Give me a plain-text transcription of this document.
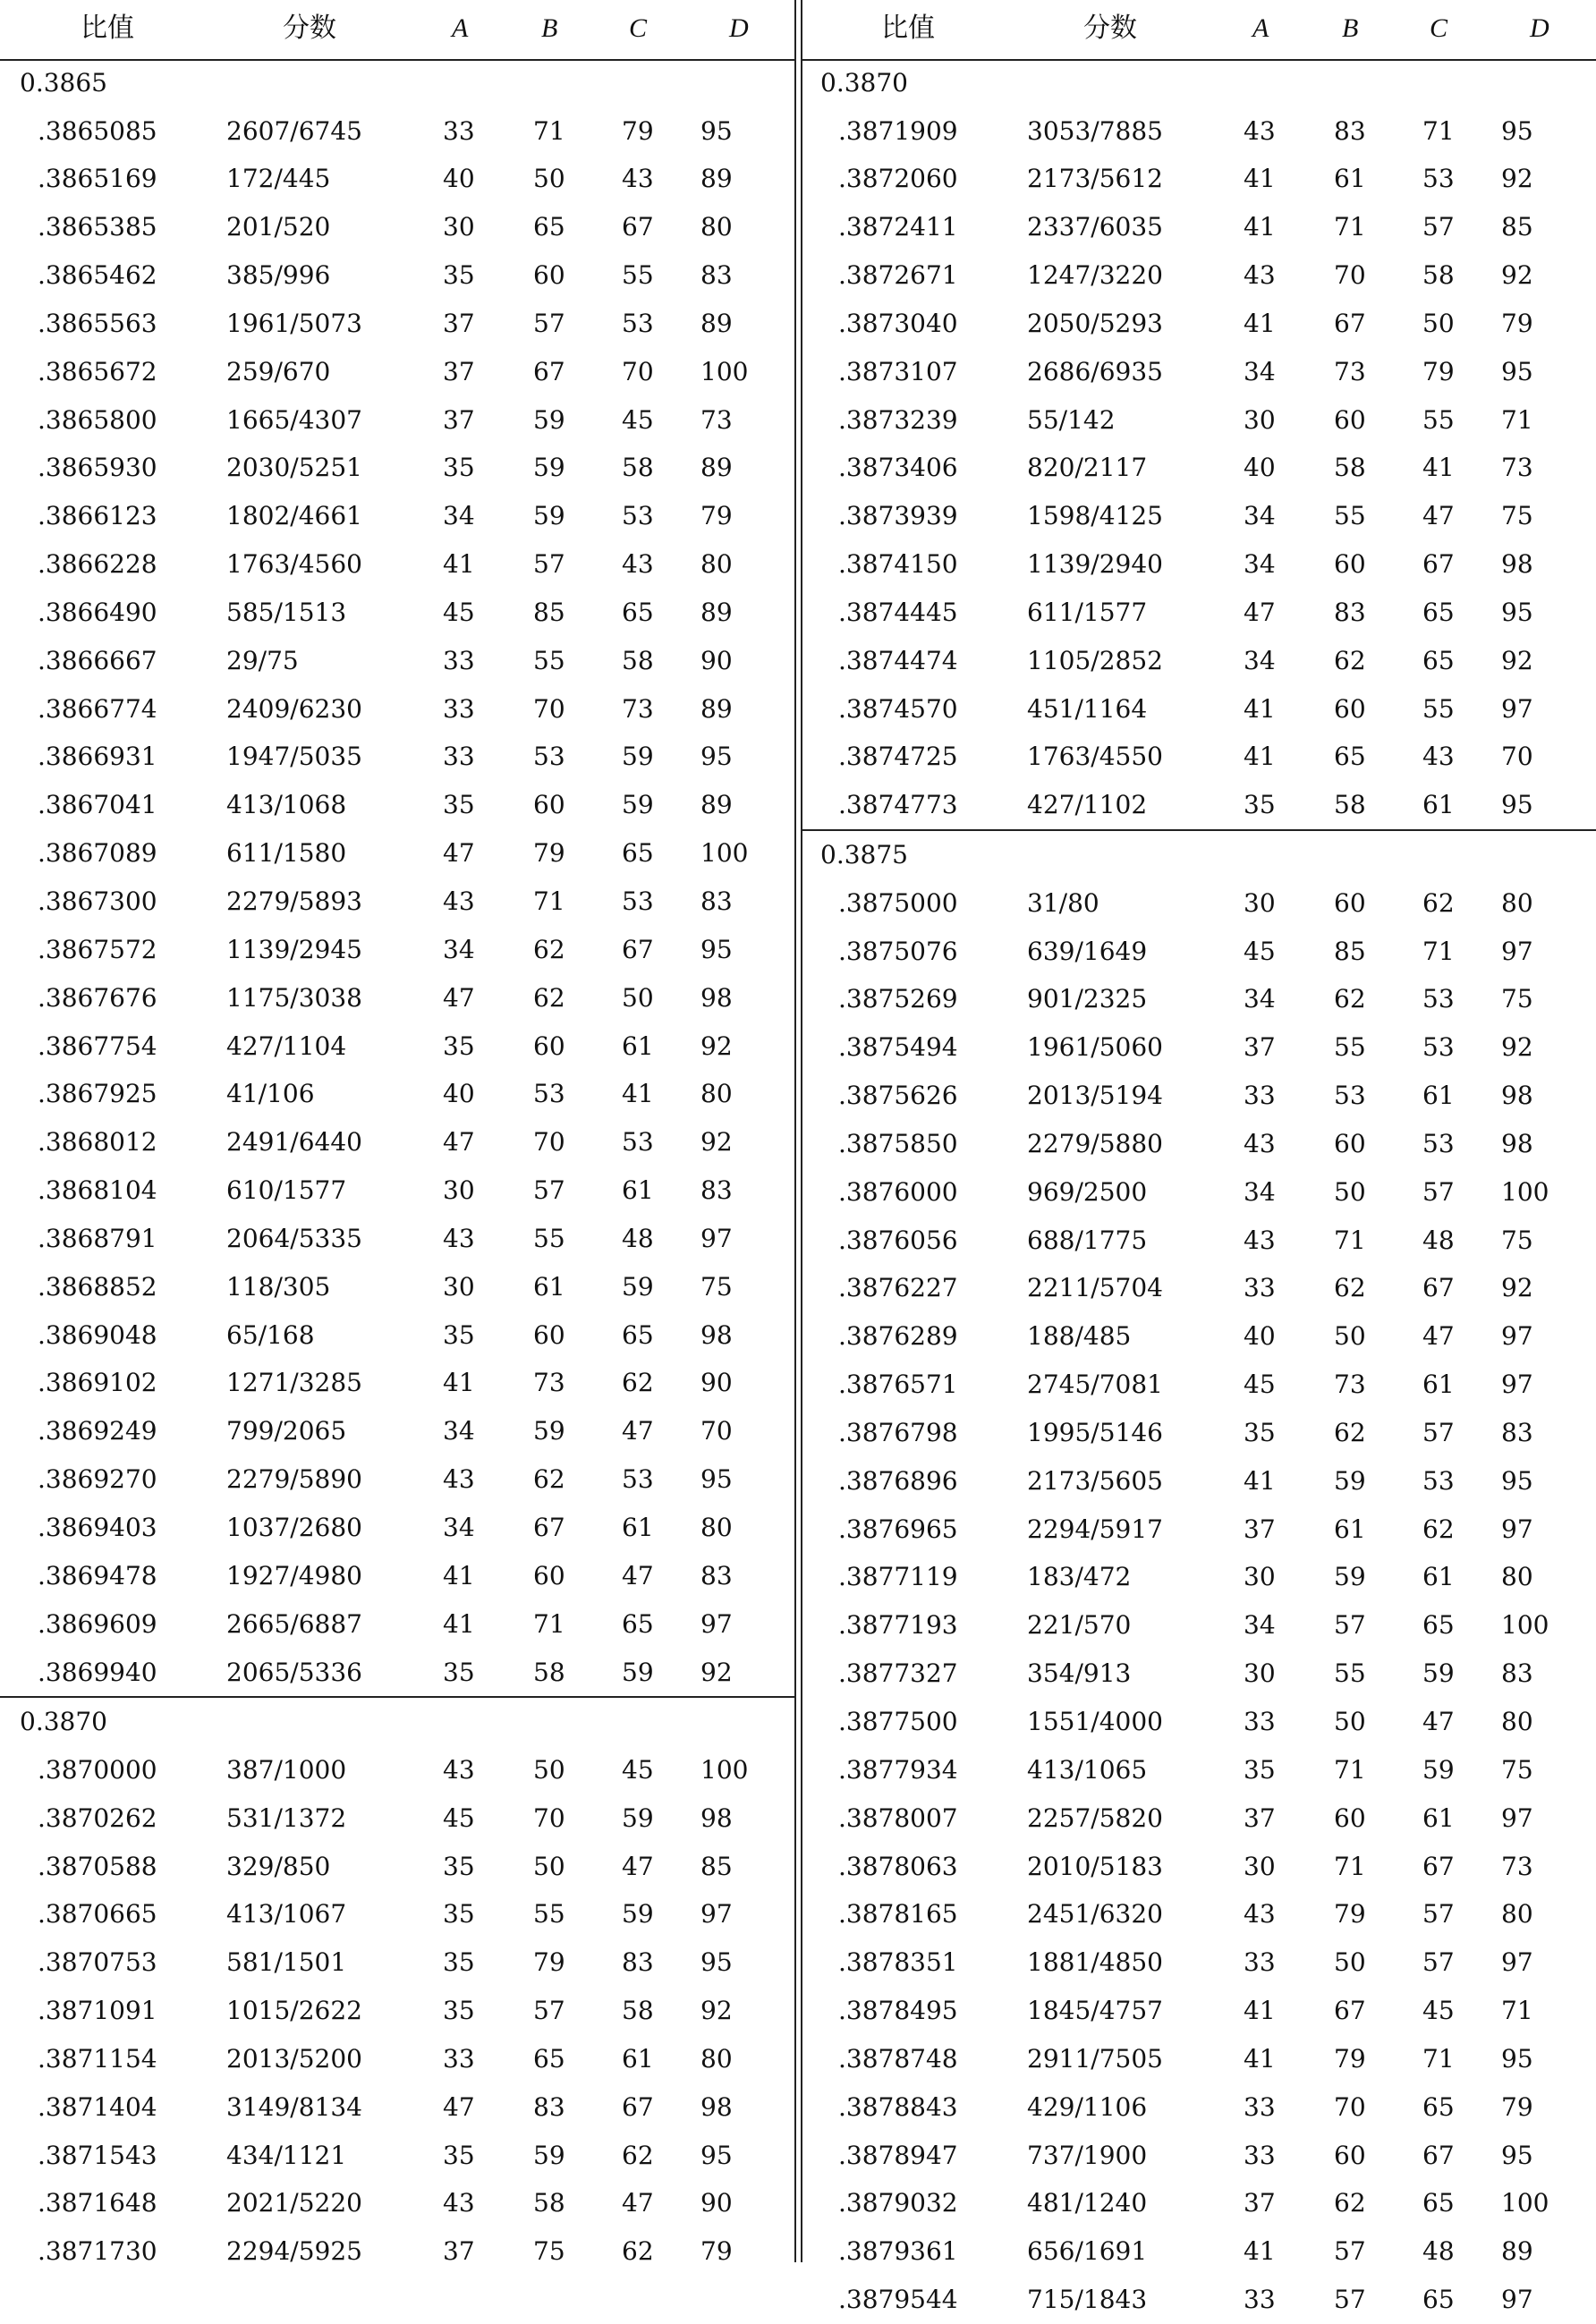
比值	分数	A	B	C	D
0.3865
.3865085	2607/6745	33 71 79 95
.3865169	172/445	40 50 43 89
.3865385	201/520	30 65 67 80
.3865462	385/996	35 60 55 83
.3865563	1961/5073	37 57 53 89
.3865672	259/670	37 67 70 100
.3865800	1665/4307	37 59 45 73
.3865930	2030/5251	35 59 58 89
.3866123	1802/4661	34 59 53 79
.3866228	1763/4560	41 57 43 80
.3866490	585/1513	45 85 65 89
.3866667	29/75	33 55 58 90
.3866774	2409/6230	33 70 73 89
.3866931	1947/5035	33 53 59 95
.3867041	413/1068	35 60 59 89
.3867089	611/1580	47 79 65 100
.3867300	2279/5893	43 71 53 83
.3867572	1139/2945	34 62 67 95
.3867676	1175/3038	47 62 50 98
.3867754	427/1104	35 60 61 92
.3867925	41/106	40 53 41 80
.3868012	2491/6440	47 70 53 92
.3868104	610/1577	30 57 61 83
.3868791	2064/5335	43 55 48 97
.3868852	118/305	30 61 59 75
.3869048	65/168	35 60 65 98
.3869102	1271/3285	41 73 62 90
.3869249	799/2065	34 59 47 70
.3869270	2279/5890	43 62 53 95
.3869403	1037/2680	34 67 61 80
.3869478	1927/4980	41 60 47 83
.3869609	2665/6887	41 71 65 97
.3869940	2065/5336	35 58 59 92
0.3870
.3870000	387/1000	43 50 45 100
.3870262	531/1372	45 70 59 98
.3870588	329/850	35 50 47 85
.3870665	413/1067	35 55 59 97
.3870753	581/1501	35 79 83 95
.3871091	1015/2622	35 57 58 92
.3871154	2013/5200	33 65 61 80
.3871404	3149/8134	47 83 67 98
.3871543	434/1121	35 59 62 95
.3871648	2021/5220	43 58 47 90
.3871730	2294/5925	37 75 62 79
比值	分数	A	B	C	D
0.3870
.3871909	3053/7885	43 83 71 95
.3872060	2173/5612	41 61 53 92
.3872411	2337/6035	41 71 57 85
.3872671	1247/3220	43 70 58 92
.3873040	2050/5293	41 67 50 79
.3873107	2686/6935	34 73 79 95
.3873239	55/142	30 60 55 71
.3873406	820/2117	40 58 41 73
.3873939	1598/4125	34 55 47 75
.3874150	1139/2940	34 60 67 98
.3874445	611/1577	47 83 65 95
.3874474	1105/2852	34 62 65 92
.3874570	451/1164	41 60 55 97
.3874725	1763/4550	41 65 43 70
.3874773	427/1102	35 58 61 95
0.3875
.3875000	31/80	30 60 62 80
.3875076	639/1649	45 85 71 97
.3875269	901/2325	34 62 53 75
.3875494	1961/5060	37 55 53 92
.3875626	2013/5194	33 53 61 98
.3875850	2279/5880	43 60 53 98
.3876000	969/2500	34 50 57 100
.3876056	688/1775	43 71 48 75
.3876227	2211/5704	33 62 67 92
.3876289	188/485	40 50 47 97
.3876571	2745/7081	45 73 61 97
.3876798	1995/5146	35 62 57 83
.3876896	2173/5605	41 59 53 95
.3876965	2294/5917	37 61 62 97
.3877119	183/472	30 59 61 80
.3877193	221/570	34 57 65 100
.3877327	354/913	30 55 59 83
.3877500	1551/4000	33 50 47 80
.3877934	413/1065	35 71 59 75
.3878007	2257/5820	37 60 61 97
.3878063	2010/5183	30 71 67 73
.3878165	2451/6320	43 79 57 80
.3878351	1881/4850	33 50 57 97
.3878495	1845/4757	41 67 45 71
.3878748	2911/7505	41 79 71 95
.3878843	429/1106	33 70 65 79
.3878947	737/1900	33 60 67 95
.3879032	481/1240	37 62 65 100
.3879361	656/1691	41 57 48 89
.3879544	715/1843	33 57 65 97
